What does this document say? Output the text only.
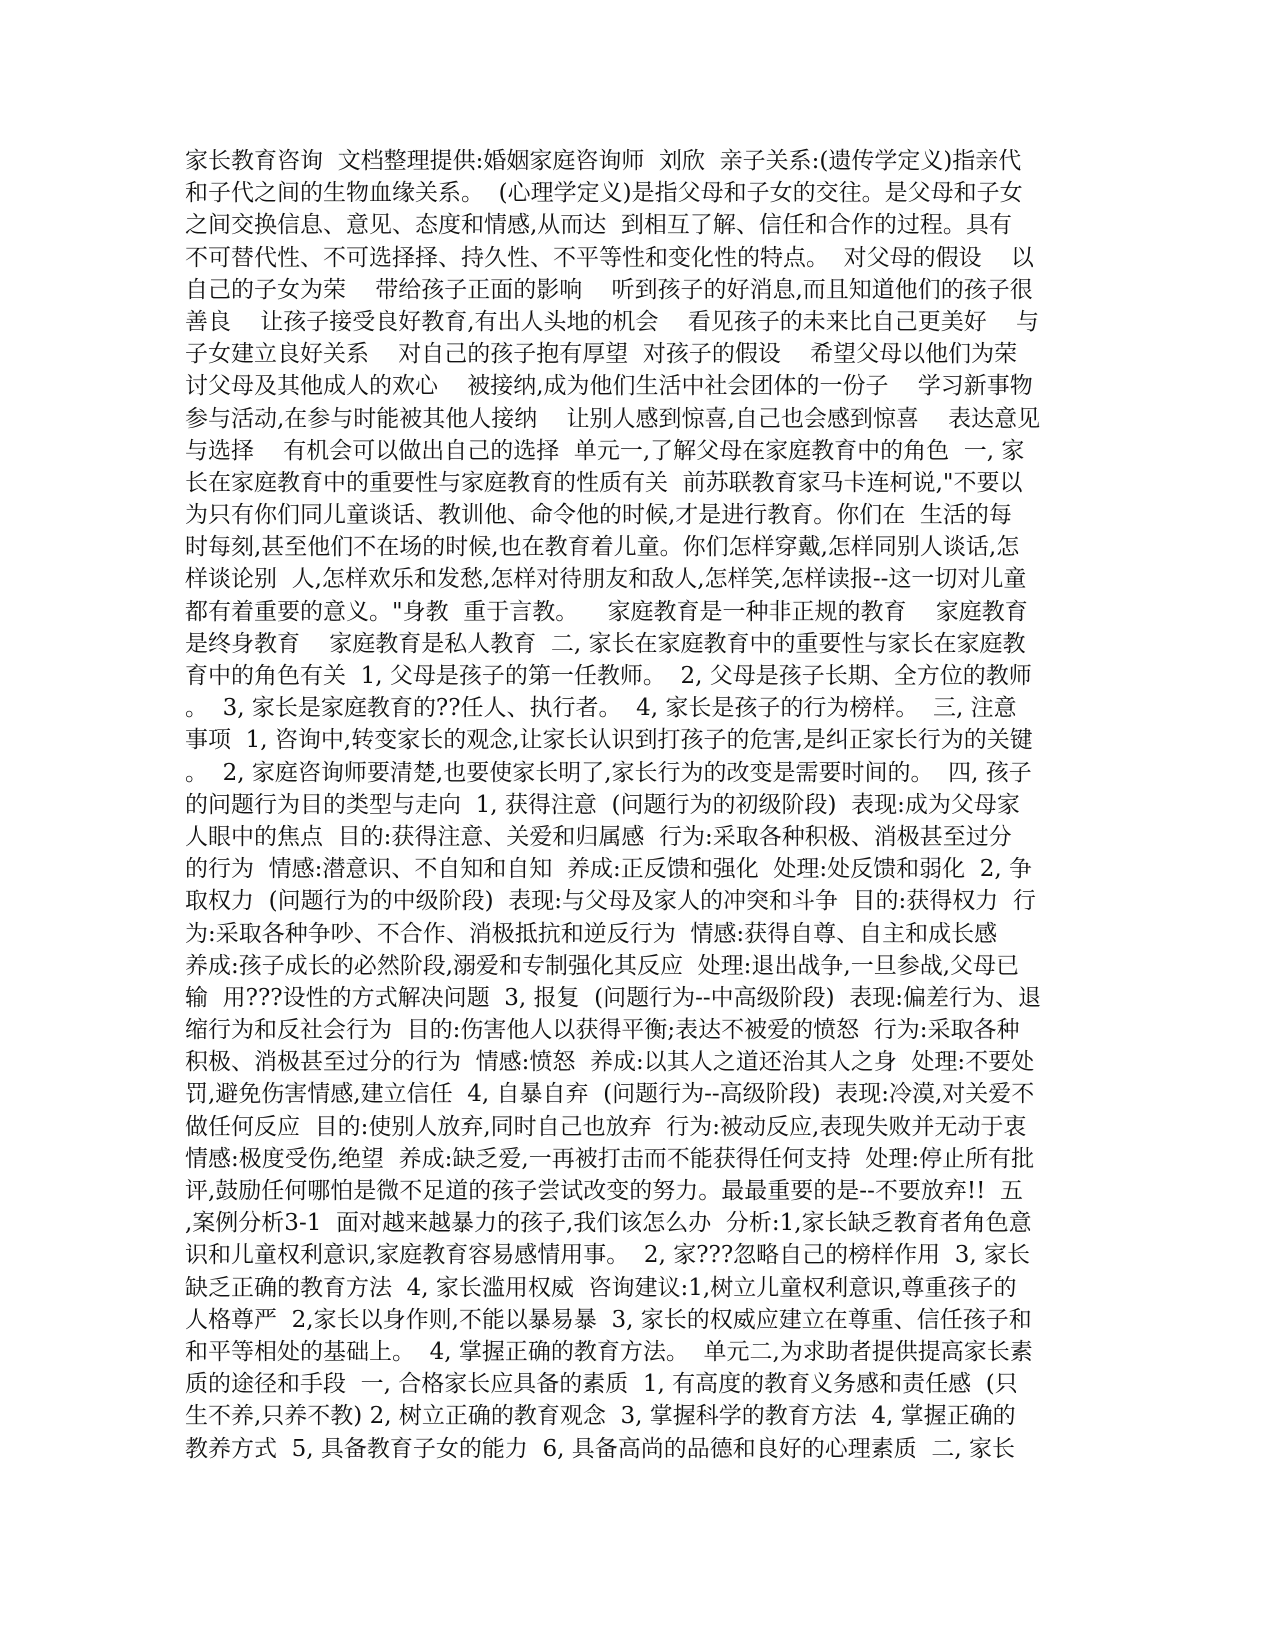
家长教育咨询  文档整理提供:婚姻家庭咨询师  刘欣  亲子关系:(遗传学定义)指亲代
和子代之间的生物血缘关系。  (心理学定义)是指父母和子女的交往。是父母和子女
之间交换信息、意见、态度和情感,从而达  到相互了解、信任和合作的过程。具有
不可替代性、不可选择择、持久性、不平等性和变化性的特点。  对父母的假设    以
自己的子女为荣    带给孩子正面的影响    听到孩子的好消息,而且知道他们的孩子很
善良    让孩子接受良好教育,有出人头地的机会    看见孩子的未来比自己更美好    与
子女建立良好关系    对自己的孩子抱有厚望  对孩子的假设    希望父母以他们为荣
讨父母及其他成人的欢心    被接纳,成为他们生活中社会团体的一份子    学习新事物
参与活动,在参与时能被其他人接纳    让别人感到惊喜,自己也会感到惊喜    表达意见
与选择    有机会可以做出自己的选择  单元一,了解父母在家庭教育中的角色  一, 家
长在家庭教育中的重要性与家庭教育的性质有关  前苏联教育家马卡连柯说,"不要以
为只有你们同儿童谈话、教训他、命令他的时候,才是进行教育。你们在  生活的每
时每刻,甚至他们不在场的时候,也在教育着儿童。你们怎样穿戴,怎样同别人谈话,怎
样谈论别  人,怎样欢乐和发愁,怎样对待朋友和敌人,怎样笑,怎样读报--这一切对儿童
都有着重要的意义。"身教  重于言教。    家庭教育是一种非正规的教育    家庭教育
是终身教育    家庭教育是私人教育  二, 家长在家庭教育中的重要性与家长在家庭教
育中的角色有关  1, 父母是孩子的第一任教师。  2, 父母是孩子长期、全方位的教师
。  3, 家长是家庭教育的??任人、执行者。  4, 家长是孩子的行为榜样。  三, 注意
事项  1, 咨询中,转变家长的观念,让家长认识到打孩子的危害,是纠正家长行为的关键
。  2, 家庭咨询师要清楚,也要使家长明了,家长行为的改变是需要时间的。  四, 孩子
的问题行为目的类型与走向  1, 获得注意  (问题行为的初级阶段)  表现:成为父母家
人眼中的焦点  目的:获得注意、关爱和归属感  行为:采取各种积极、消极甚至过分
的行为  情感:潜意识、不自知和自知  养成:正反馈和强化  处理:处反馈和弱化  2, 争
取权力  (问题行为的中级阶段)  表现:与父母及家人的冲突和斗争  目的:获得权力  行
为:采取各种争吵、不合作、消极抵抗和逆反行为  情感:获得自尊、自主和成长感
养成:孩子成长的必然阶段,溺爱和专制强化其反应  处理:退出战争,一旦参战,父母已
输  用???设性的方式解决问题  3, 报复  (问题行为--中高级阶段)  表现:偏差行为、退
缩行为和反社会行为  目的:伤害他人以获得平衡;表达不被爱的愤怒  行为:采取各种
积极、消极甚至过分的行为  情感:愤怒  养成:以其人之道还治其人之身  处理:不要处
罚,避免伤害情感,建立信任  4, 自暴自弃  (问题行为--高级阶段)  表现:冷漠,对关爱不
做任何反应  目的:使别人放弃,同时自己也放弃  行为:被动反应,表现失败并无动于衷
情感:极度受伤,绝望  养成:缺乏爱,一再被打击而不能获得任何支持  处理:停止所有批
评,鼓励任何哪怕是微不足道的孩子尝试改变的努力。最最重要的是--不要放弃!!  五
,案例分析3-1  面对越来越暴力的孩子,我们该怎么办  分析:1,家长缺乏教育者角色意
识和儿童权利意识,家庭教育容易感情用事。  2, 家???忽略自己的榜样作用  3, 家长
缺乏正确的教育方法  4, 家长滥用权威  咨询建议:1,树立儿童权利意识,尊重孩子的
人格尊严  2,家长以身作则,不能以暴易暴  3, 家长的权威应建立在尊重、信任孩子和
和平等相处的基础上。  4, 掌握正确的教育方法。  单元二,为求助者提供提高家长素
质的途径和手段  一, 合格家长应具备的素质  1, 有高度的教育义务感和责任感  (只
生不养,只养不教) 2, 树立正确的教育观念  3, 掌握科学的教育方法  4, 掌握正确的
教养方式  5, 具备教育子女的能力  6, 具备高尚的品德和良好的心理素质  二, 家长
